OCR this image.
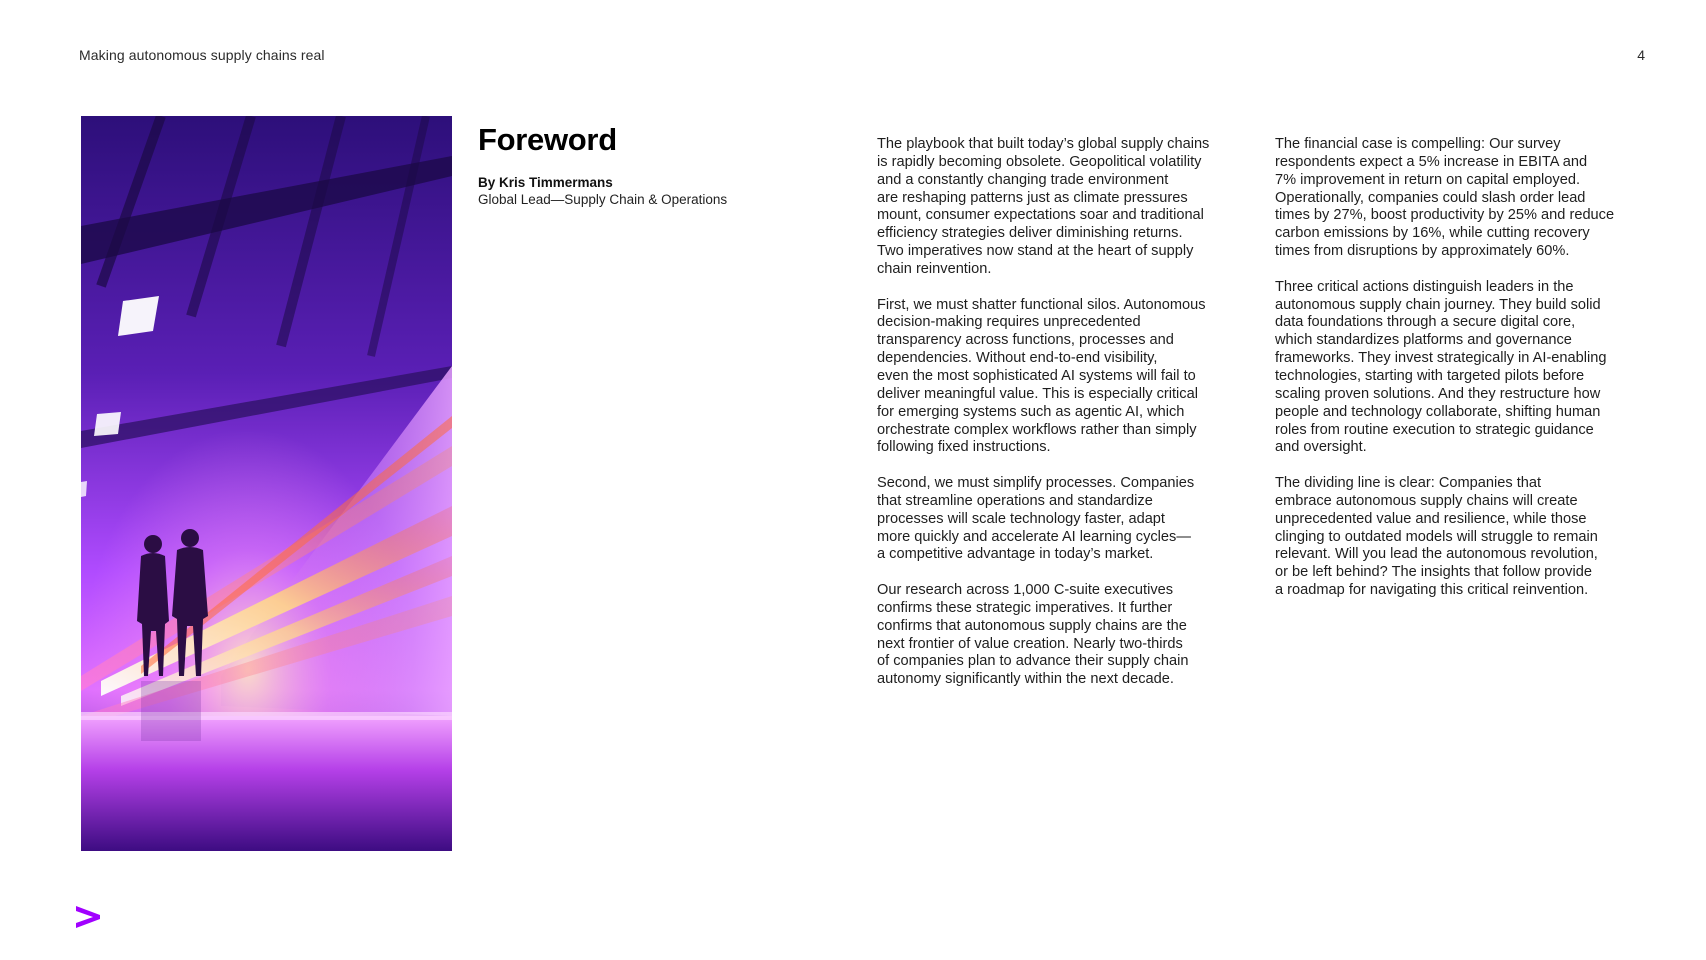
Making autonomous supply chains real	4
Foreword
By Kris Timmermans
Global Lead—Supply Chain & Operations

The playbook that built today’s global supply chains
is rapidly becoming obsolete. Geopolitical volatility
and a constantly changing trade environment
are reshaping patterns just as climate pressures
mount, consumer expectations soar and traditional
efficiency strategies deliver diminishing returns.
Two imperatives now stand at the heart of supply
chain reinvention.

First, we must shatter functional silos. Autonomous
decision-making requires unprecedented
transparency across functions, processes and
dependencies. Without end-to-end visibility,
even the most sophisticated AI systems will fail to
deliver meaningful value. This is especially critical
for emerging systems such as agentic AI, which
orchestrate complex workflows rather than simply
following fixed instructions.

Second, we must simplify processes. Companies
that streamline operations and standardize
processes will scale technology faster, adapt
more quickly and accelerate AI learning cycles—
a competitive advantage in today’s market.

Our research across 1,000 C-suite executives
confirms these strategic imperatives. It further
confirms that autonomous supply chains are the
next frontier of value creation. Nearly two-thirds
of companies plan to advance their supply chain
autonomy significantly within the next decade.

The financial case is compelling: Our survey
respondents expect a 5% increase in EBITA and
7% improvement in return on capital employed.
Operationally, companies could slash order lead
times by 27%, boost productivity by 25% and reduce
carbon emissions by 16%, while cutting recovery
times from disruptions by approximately 60%.

Three critical actions distinguish leaders in the
autonomous supply chain journey. They build solid
data foundations through a secure digital core,
which standardizes platforms and governance
frameworks. They invest strategically in AI-enabling
technologies, starting with targeted pilots before
scaling proven solutions. And they restructure how
people and technology collaborate, shifting human
roles from routine execution to strategic guidance
and oversight.

The dividing line is clear: Companies that
embrace autonomous supply chains will create
unprecedented value and resilience, while those
clinging to outdated models will struggle to remain
relevant. Will you lead the autonomous revolution,
or be left behind? The insights that follow provide
a roadmap for navigating this critical reinvention.
